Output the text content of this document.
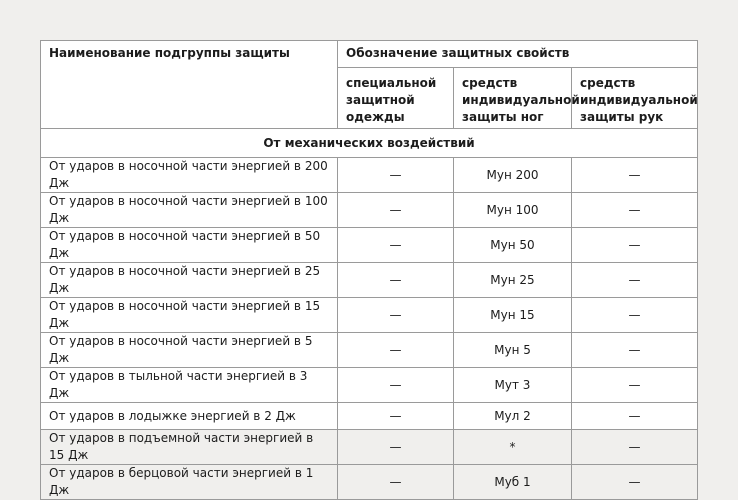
Наименование подгруппы защиты	Обозначение защитных свойств		
	специальной защитной одежды	средств индивидуальной защиты ног	средств индивидуальной защиты рук
От механических воздействий			
От ударов в носочной части энергией в 200 Дж	—	Мун 200	—
От ударов в носочной части энергией в 100 Дж	—	Мун 100	—
От ударов в носочной части энергией в 50 Дж	—	Мун 50	—
От ударов в носочной части энергией в 25 Дж	—	Мун 25	—
От ударов в носочной части энергией в 15 Дж	—	Мун 15	—
От ударов в носочной части энергией в 5 Дж	—	Мун 5	—
От ударов в тыльной части энергией в 3 Дж	—	Мут 3	—
От ударов в лодыжке энергией в 2 Дж	—	Мул 2	—
От ударов в подъемной части энергией в 15 Дж	—	*	—
От ударов в берцовой части энергией в 1 Дж	—	Муб 1	—
